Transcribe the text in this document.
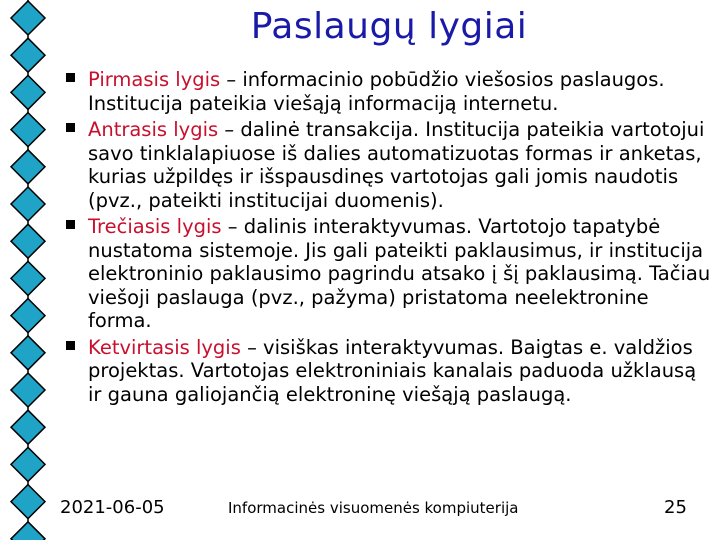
Paslaugų lygiai
Pirmasis lygis – informacinio pobūdžio viešosios paslaugos. Institucija pateikia viešąją informaciją internetu.
Antrasis lygis – dalinė transakcija. Institucija pateikia vartotojui savo tinklalapiuose iš dalies automatizuotas formas ir anketas, kurias užpildęs ir išspausdinęs vartotojas gali jomis naudotis (pvz., pateikti institucijai duomenis).
Trečiasis lygis – dalinis interaktyvumas. Vartotojo tapatybė nustatoma sistemoje. Jis gali pateikti paklausimus, ir institucija elektroninio paklausimo pagrindu atsako į šį paklausimą. Tačiau viešoji paslauga (pvz., pažyma) pristatoma neelektronine forma.
Ketvirtasis lygis – visiškas interaktyvumas. Baigtas e. valdžios projektas. Vartotojas elektroniniais kanalais paduoda užklausą ir gauna galiojančią elektroninę viešąją paslaugą.
2021-06-05	Informacinės visuomenės kompiuterija	25
